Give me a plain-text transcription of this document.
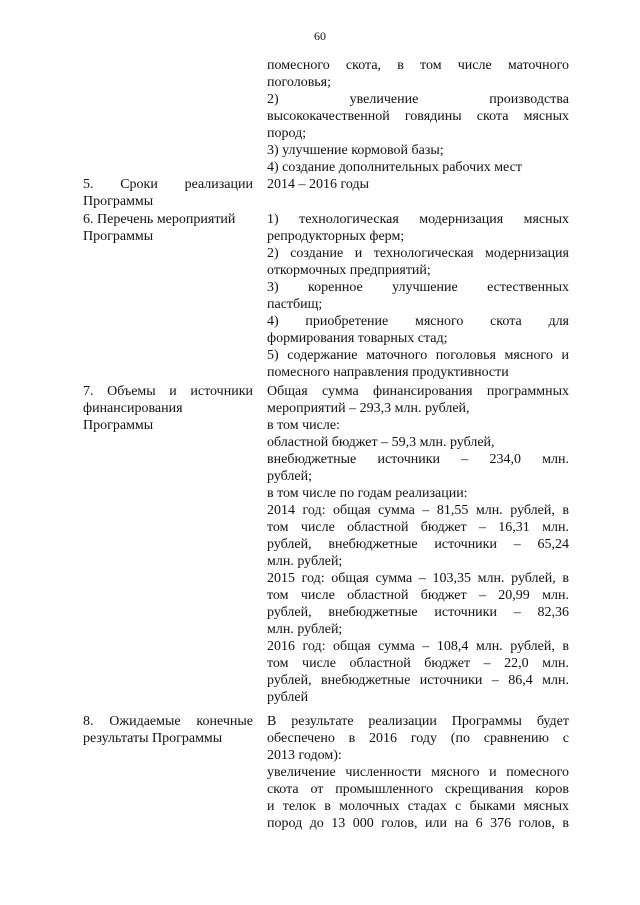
60
помесного скота, в том числе маточного
поголовья;
2) увеличение производства
высококачественной говядины скота мясных
пород;
3) улучшение кормовой базы;
4) создание дополнительных рабочих мест
5. Сроки реализации
Программы
2014 – 2016 годы
6. Перечень мероприятий
Программы
1) технологическая модернизация мясных
репродукторных ферм;
2) создание и технологическая модернизация
откормочных предприятий;
3) коренное улучшение естественных
пастбищ;
4) приобретение мясного скота для
формирования товарных стад;
5) содержание маточного поголовья мясного и
помесного направления продуктивности
7. Объемы и источники
финансирования
Программы
Общая сумма финансирования программных
мероприятий – 293,3 млн. рублей,
в том числе:
областной бюджет – 59,3 млн. рублей,
внебюджетные источники – 234,0 млн.
рублей;
в том числе по годам реализации:
2014 год: общая сумма – 81,55 млн. рублей, в
том числе областной бюджет – 16,31 млн.
рублей, внебюджетные источники – 65,24
млн. рублей;
2015 год: общая сумма – 103,35 млн. рублей, в
том числе областной бюджет – 20,99 млн.
рублей, внебюджетные источники – 82,36
млн. рублей;
2016 год: общая сумма – 108,4 млн. рублей, в
том числе областной бюджет – 22,0 млн.
рублей, внебюджетные источники – 86,4 млн.
рублей
8. Ожидаемые конечные
результаты Программы
В результате реализации Программы будет
обеспечено в 2016 году (по сравнению с
2013 годом):
увеличение численности мясного и помесного
скота от промышленного скрещивания коров
и телок в молочных стадах с быками мясных
пород до 13 000 голов, или на 6 376 голов, в
